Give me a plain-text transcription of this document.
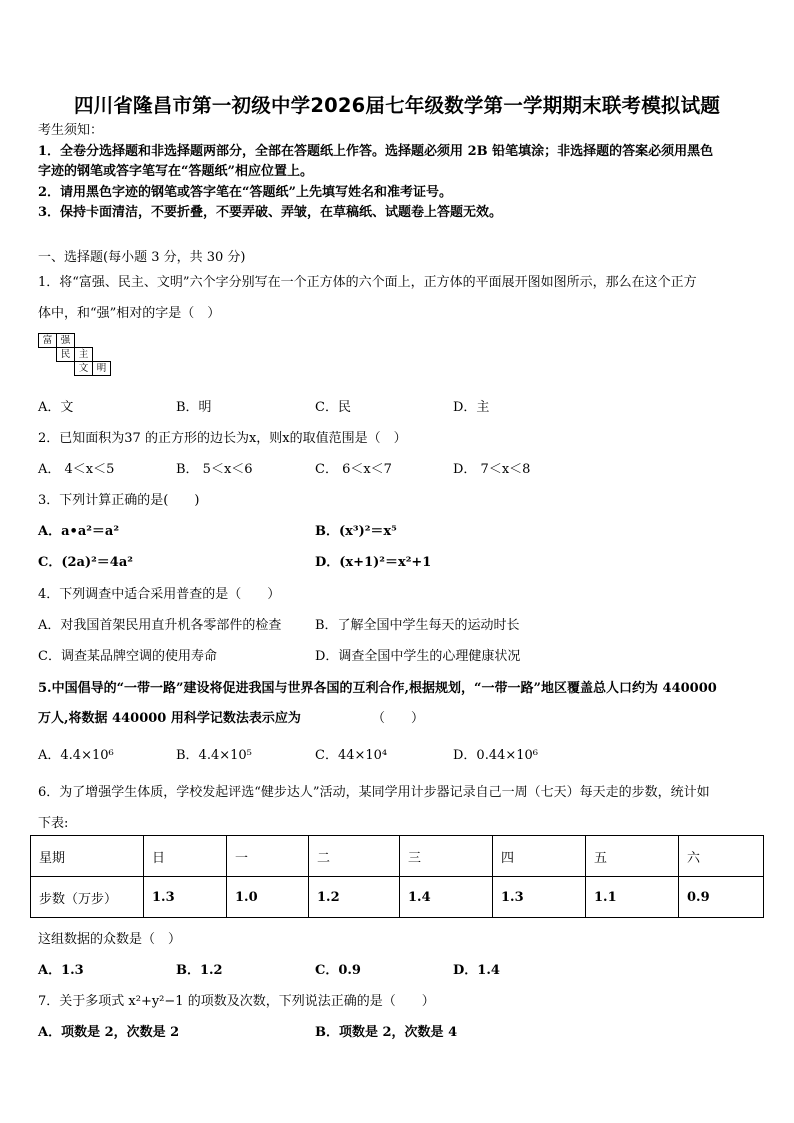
四川省隆昌市第一初级中学2026届七年级数学第一学期期末联考模拟试题
考生须知：
1．全卷分选择题和非选择题两部分，全部在答题纸上作答。选择题必须用 2B 铅笔填涂；非选择题的答案必须用黑色
字迹的钢笔或答字笔写在“答题纸”相应位置上。
2．请用黑色字迹的钢笔或答字笔在“答题纸”上先填写姓名和准考证号。
3．保持卡面清洁，不要折叠，不要弄破、弄皱，在草稿纸、试题卷上答题无效。
一、选择题(每小题 3 分，共 30 分)
1．将“富强、民主、文明”六个字分别写在一个正方体的六个面上，正方体的平面展开图如图所示，那么在这个正方
体中，和“强”相对的字是（　）
富	强		
	民	主	
		文	明
A．文	B．明	C．民	D．主
2．已知面积为37 的正方形的边长为x，则x的取值范围是（　）
A． 4＜x＜5	B． 5＜x＜6	C． 6＜x＜7	D． 7＜x＜8
3．下列计算正确的是(　　)
A．a•a²＝a²	B．(x³)²＝x⁵
C．(2a)²＝4a²	D．(x+1)²＝x²+1
4．下列调查中适合采用普查的是（　　）
A．对我国首架民用直升机各零部件的检查	B．了解全国中学生每天的运动时长
C．调查某品牌空调的使用寿命	D．调查全国中学生的心理健康状况
5.中国倡导的“一带一路”建设将促进我国与世界各国的互利合作,根据规划，“一带一路”地区覆盖总人口约为 440000
万人,将数据 440000 用科学记数法表示应为	（　　）
A．4.4×10⁶	B．4.4×10⁵	C．44×10⁴	D．0.44×10⁶
6．为了增强学生体质，学校发起评选“健步达人”活动，某同学用计步器记录自己一周（七天）每天走的步数，统计如
下表:
星期	日	一	二	三	四	五	六
步数（万步）	1.3	1.0	1.2	1.4	1.3	1.1	0.9
这组数据的众数是（　）
A．1.3	B．1.2	C．0.9	D．1.4
7．关于多项式 x²+y²−1 的项数及次数，下列说法正确的是（　　）
A．项数是 2，次数是 2	B．项数是 2，次数是 4
